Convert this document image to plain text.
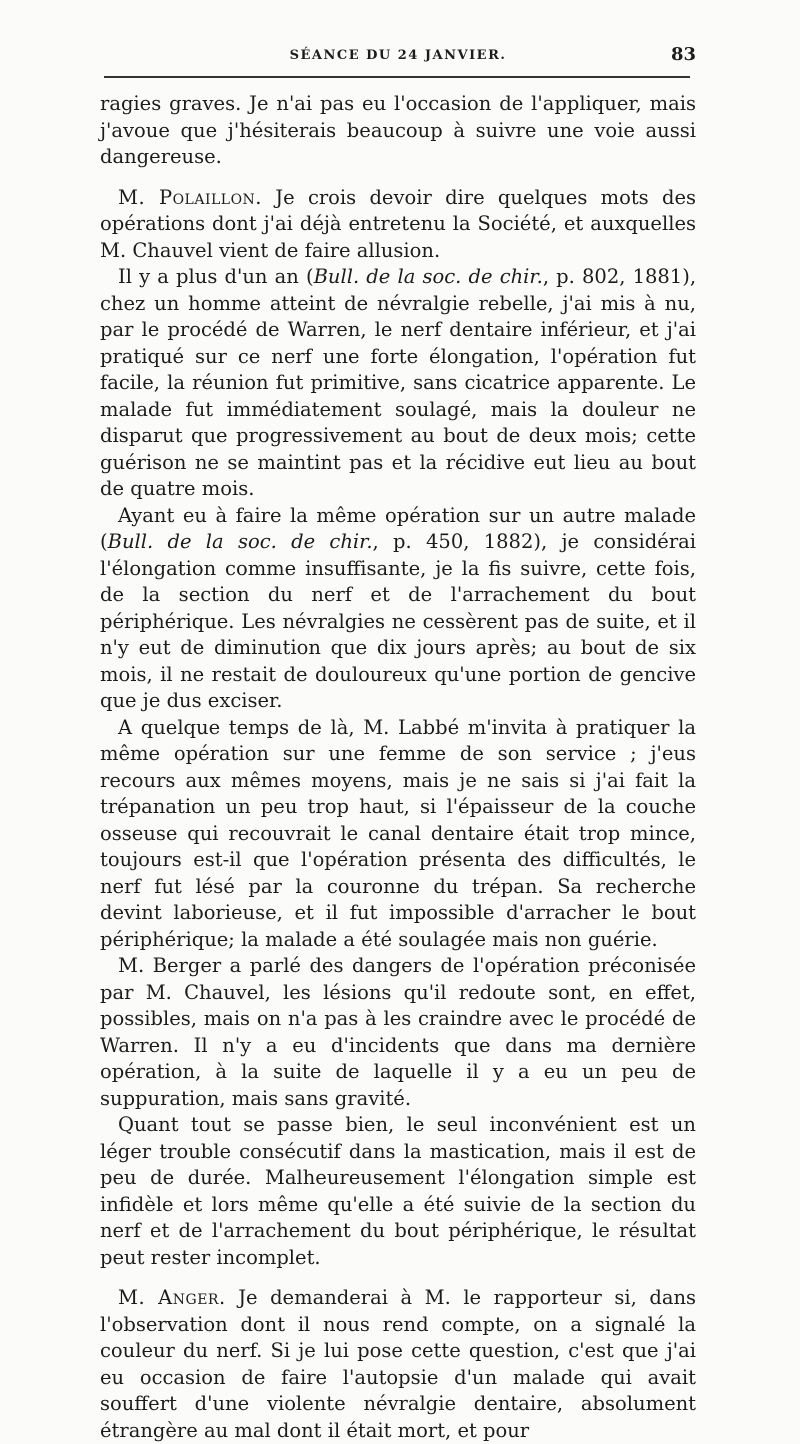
SÉANCE DU 24 JANVIER.	83

ragies graves. Je n'ai pas eu l'occasion de l'appliquer, mais j'avoue que j'hésiterais beaucoup à suivre une voie aussi dangereuse.

M. Polaillon. Je crois devoir dire quelques mots des opérations dont j'ai déjà entretenu la Société, et auxquelles M. Chauvel vient de faire allusion.

Il y a plus d'un an (Bull. de la soc. de chir., p. 802, 1881), chez un homme atteint de névralgie rebelle, j'ai mis à nu, par le procédé de Warren, le nerf dentaire inférieur, et j'ai pratiqué sur ce nerf une forte élongation, l'opération fut facile, la réunion fut primitive, sans cicatrice apparente. Le malade fut immédiatement soulagé, mais la douleur ne disparut que progressivement au bout de deux mois; cette guérison ne se maintint pas et la récidive eut lieu au bout de quatre mois.

Ayant eu à faire la même opération sur un autre malade (Bull. de la soc. de chir., p. 450, 1882), je considérai l'élongation comme insuffisante, je la fis suivre, cette fois, de la section du nerf et de l'arrachement du bout périphérique. Les névralgies ne cessèrent pas de suite, et il n'y eut de diminution que dix jours après; au bout de six mois, il ne restait de douloureux qu'une portion de gencive que je dus exciser.

A quelque temps de là, M. Labbé m'invita à pratiquer la même opération sur une femme de son service ; j'eus recours aux mêmes moyens, mais je ne sais si j'ai fait la trépanation un peu trop haut, si l'épaisseur de la couche osseuse qui recouvrait le canal dentaire était trop mince, toujours est-il que l'opération présenta des difficultés, le nerf fut lésé par la couronne du trépan. Sa recherche devint laborieuse, et il fut impossible d'arracher le bout périphérique; la malade a été soulagée mais non guérie.

M. Berger a parlé des dangers de l'opération préconisée par M. Chauvel, les lésions qu'il redoute sont, en effet, possibles, mais on n'a pas à les craindre avec le procédé de Warren. Il n'y a eu d'incidents que dans ma dernière opération, à la suite de laquelle il y a eu un peu de suppuration, mais sans gravité.

Quant tout se passe bien, le seul inconvénient est un léger trouble consécutif dans la mastication, mais il est de peu de durée. Malheureusement l'élongation simple est infidèle et lors même qu'elle a été suivie de la section du nerf et de l'arrachement du bout périphérique, le résultat peut rester incomplet.

M. Anger. Je demanderai à M. le rapporteur si, dans l'observation dont il nous rend compte, on a signalé la couleur du nerf. Si je lui pose cette question, c'est que j'ai eu occasion de faire l'autopsie d'un malade qui avait souffert d'une violente névralgie dentaire, absolument étrangère au mal dont il était mort, et pour
